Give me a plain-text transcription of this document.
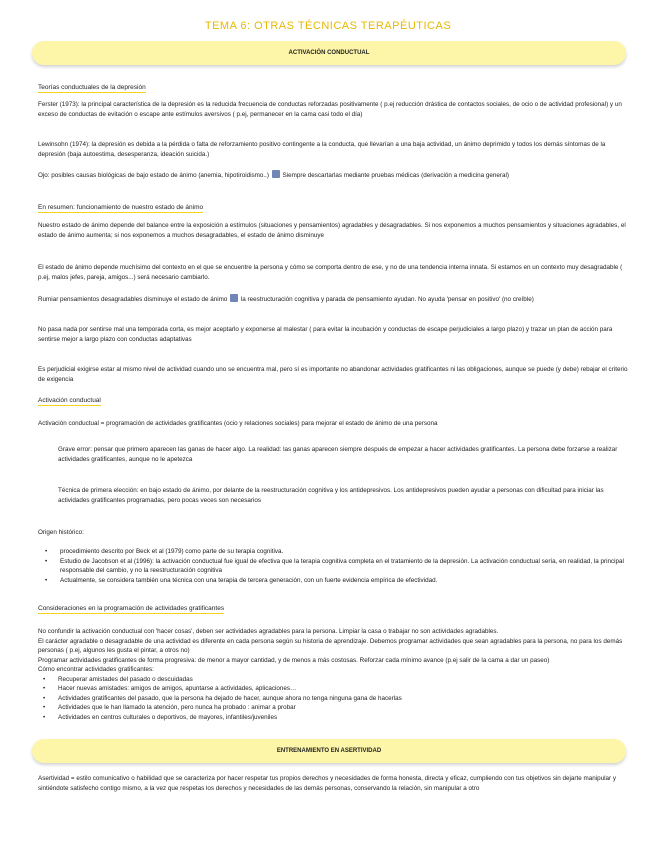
TEMA 6: OTRAS TÉCNICAS TERAPÉUTICAS
ACTIVACIÓN CONDUCTUAL
Teorías conductuales de la depresión
Ferster (1973): la principal característica de la depresión es la reducida frecuencia de conductas reforzadas positivamente ( p.ej reducción drástica de contactos sociales, de ocio o de actividad profesional) y un exceso de conductas de evitación o escape ante estímulos aversivos ( p.ej, permanecer en la cama casi todo el día)
Lewinsohn (1974): la depresión es debida a la pérdida o falta de reforzamiento positivo contingente a la conducta, que llevarían a una baja actividad, un ánimo deprimido y todos los demás síntomas de la depresión (baja autoestima, desesperanza, ideación suicida.)
Ojo: posibles causas biológicas de bajo estado de ánimo (anemia, hipotiroidismo..) Siempre descartarlas mediante pruebas médicas (derivación a medicina general)
En resumen: funcionamiento de nuestro estado de ánimo
Nuestro estado de ánimo depende del balance entre la exposición a estímulos (situaciones y pensamientos) agradables y desagradables. Si nos exponemos a muchos pensamientos y situaciones agradables, el estado de ánimo aumenta; si nos exponemos a muchos desagradables, el estado de ánimo disminuye
El estado de ánimo depende muchísimo del contexto en el que se encuentre la persona y cómo se comporta dentro de ese, y no de una tendencia interna innata. Si estamos en un contexto muy desagradable ( p.ej, malos jefes, pareja, amigos...) será necesario cambiarlo.
Rumiar pensamientos desagradables disminuye el estado de ánimo la reestructuración cognitiva y parada de pensamiento ayudan. No ayuda 'pensar en positivo' (no creíble)
No pasa nada por sentirse mal una temporada corta, es mejor aceptarlo y exponerse al malestar ( para evitar la incubación y conductas de escape perjudiciales a largo plazo) y trazar un plan de acción para sentirse mejor a largo plazo con conductas adaptativas
Es perjudicial exigirse estar al mismo nivel de actividad cuando uno se encuentra mal, pero sí es importante no abandonar actividades gratificantes ni las obligaciones, aunque se puede (y debe) rebajar el criterio de exigencia
Activación conductual
Activación conductual = programación de actividades gratificantes (ocio y relaciones sociales) para mejorar el estado de ánimo de una persona
Grave error: pensar que primero aparecen las ganas de hacer algo. La realidad: las ganas aparecen siempre después de empezar a hacer actividades gratificantes. La persona debe forzarse a realizar actividades gratificantes, aunque no le apetezca
Técnica de primera elección: en bajo estado de ánimo, por delante de la reestructuración cognitiva y los antidepresivos. Los antidepresivos pueden ayudar a personas con dificultad para iniciar las actividades gratificantes programadas, pero pocas veces son necesarios
Origen histórico:
• procedimiento descrito por Beck et al (1979) como parte de su terapia cognitiva.
• Estudio de Jacobson et al (1996): la activación conductual fue igual de efectiva que la terapia cognitiva completa en el tratamiento de la depresión. La activación conductual sería, en realidad, la principal responsable del cambio, y no la reestructuración cognitiva
• Actualmente, se considera también una técnica con una terapia de tercera generación, con un fuerte evidencia empírica de efectividad.
Consideraciones en la programación de actividades gratificantes
No confundir la activación conductual con 'hacer cosas', deben ser actividades agradables para la persona. Limpiar la casa o trabajar no son actividades agradables.
El carácter agradable o desagradable de una actividad es diferente en cada persona según su historia de aprendizaje. Debemos programar actividades que sean agradables para la persona, no para los demás personas ( p.ej, algunos les gusta el pintar, a otros no)
Programar actividades gratificantes de forma progresiva: de menor a mayor cantidad, y de menos a más costosas. Reforzar cada mínimo avance (p.ej salir de la cama a dar un paseo)
Cómo encontrar actividades gratificantes:
• Recuperar amistades del pasado o descuidadas
• Hacer nuevas amistades: amigos de amigos, apuntarse a actividades, aplicaciones…
• Actividades gratificantes del pasado, que la persona ha dejado de hacer, aunque ahora no tenga ninguna gana de hacerlas
• Actividades que le han llamado la atención, pero nunca ha probado : animar a probar
• Actividades en centros culturales o deportivos, de mayores, infantiles/juveniles
ENTRENAMIENTO EN ASERTIVIDAD
Asertividad = estilo comunicativo o habilidad que se caracteriza por hacer respetar tus propios derechos y necesidades de forma honesta, directa y eficaz, cumpliendo con tus objetivos sin dejarte manipular y sintiéndote satisfecho contigo mismo, a la vez que respetas los derechos y necesidades de las demás personas, conservando la relación, sin manipular a otro
